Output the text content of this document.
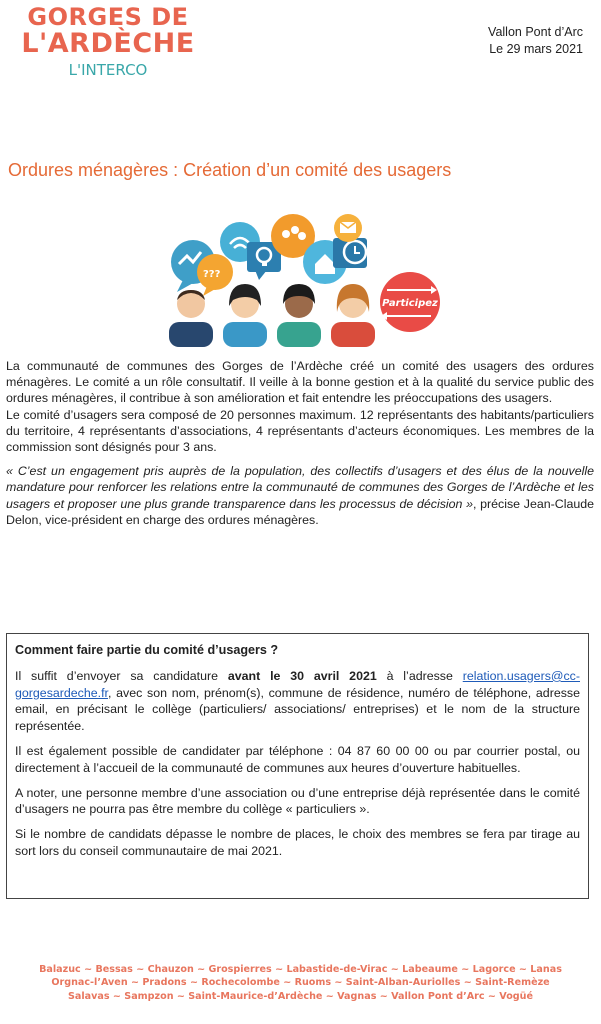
GORGES DE
L'ARDÈCHE
L'INTERCO
Vallon Pont d’Arc
Le 29 mars 2021
Ordures ménagères : Création d’un comité des usagers
???
Participez

La communauté de communes des Gorges de l’Ardèche créé un comité des usagers des ordures ménagères. Le comité a un rôle consultatif. Il veille à la bonne gestion et à la qualité du service public des ordures ménagères, il contribue à son amélioration et fait entendre les préoccupations des usagers.

Le comité d’usagers sera composé de 20 personnes maximum. 12 représentants des habitants/particuliers du territoire, 4 représentants d’associations, 4 représentants d’acteurs économiques. Les membres de la commission sont désignés pour 3 ans.

« C’est un engagement pris auprès de la population, des collectifs d’usagers et des élus de la nouvelle mandature pour renforcer les relations entre la communauté de communes des Gorges de l’Ardèche et les usagers et proposer une plus grande transparence dans les processus de décision », précise Jean-Claude Delon, vice-président en charge des ordures ménagères.

Comment faire partie du comité d’usagers ?

Il suffit d’envoyer sa candidature avant le 30 avril 2021 à l’adresse relation.usagers@cc-gorgesardeche.fr, avec son nom, prénom(s), commune de résidence, numéro de téléphone, adresse email, en précisant le collège (particuliers/ associations/ entreprises) et le nom de la structure représentée.

Il est également possible de candidater par téléphone : 04 87 60 00 00 ou par courrier postal, ou directement à l’accueil de la communauté de communes aux heures d’ouverture habituelles.

A noter, une personne membre d’une association ou d’une entreprise déjà représentée dans le comité d’usagers ne pourra pas être membre du collège « particuliers ».

Si le nombre de candidats dépasse le nombre de places, le choix des membres se fera par tirage au sort lors du conseil communautaire de mai 2021.

Balazuc ~ Bessas ~ Chauzon ~ Grospierres ~ Labastide-de-Virac ~ Labeaume ~ Lagorce ~ Lanas
Orgnac-l’Aven ~ Pradons ~ Rochecolombe ~ Ruoms ~ Saint-Alban-Auriolles ~ Saint-Remèze
Salavas ~ Sampzon ~ Saint-Maurice-d’Ardèche ~ Vagnas ~ Vallon Pont d’Arc ~ Vogüé
